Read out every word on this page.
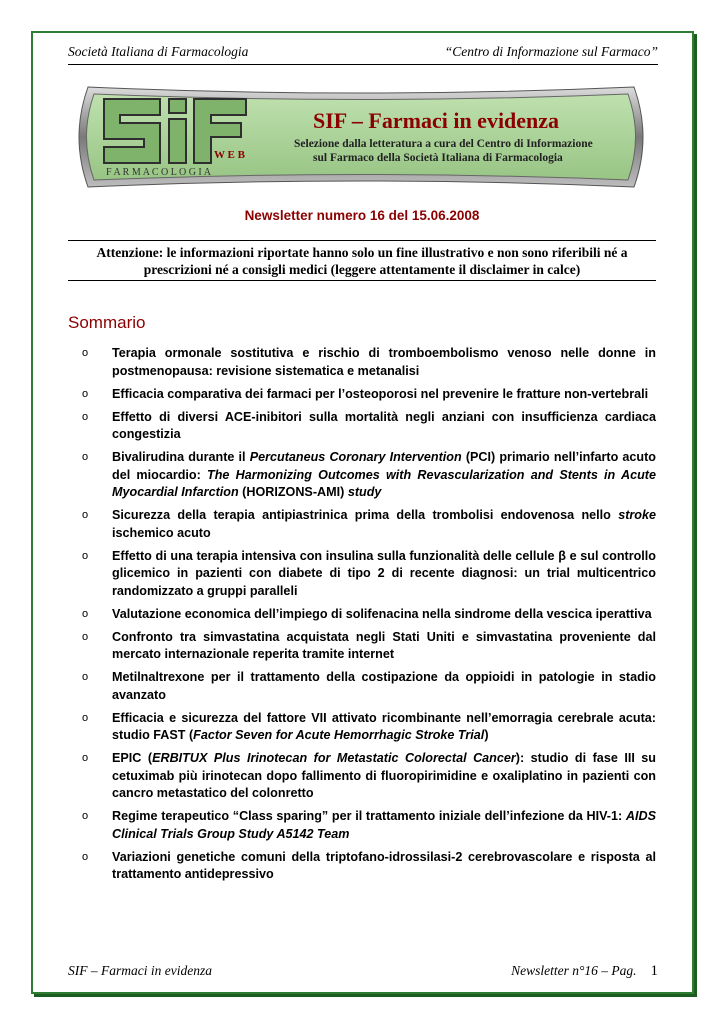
Società Italiana di Farmacologia	“Centro di Informazione sul Farmaco”
W E B
F A R M A C O L O G I A
SIF – Farmaci in evidenza
Selezione dalla letteratura a cura del Centro di Informazione
sul Farmaco della Società Italiana di Farmacologia
Newsletter numero 16 del 15.06.2008
Attenzione: le informazioni riportate hanno solo un fine illustrativo e non sono riferibili né a prescrizioni né a consigli medici (leggere attentamente il disclaimer in calce)
Sommario
o Terapia ormonale sostitutiva e rischio di tromboembolismo venoso nelle donne in postmenopausa: revisione sistematica e metanalisi
o Efficacia comparativa dei farmaci per l’osteoporosi nel prevenire le fratture non-vertebrali
o Effetto di diversi ACE-inibitori sulla mortalità negli anziani con insufficienza cardiaca congestizia
o Bivalirudina durante il Percutaneus Coronary Intervention (PCI) primario nell’infarto acuto del miocardio: The Harmonizing Outcomes with Revascularization and Stents in Acute Myocardial Infarction (HORIZONS-AMI) study
o Sicurezza della terapia antipiastrinica prima della trombolisi endovenosa nello stroke ischemico acuto
o Effetto di una terapia intensiva con insulina sulla funzionalità delle cellule β e sul controllo glicemico in pazienti con diabete di tipo 2 di recente diagnosi: un trial multicentrico randomizzato a gruppi paralleli
o Valutazione economica dell’impiego di solifenacina nella sindrome della vescica iperattiva
o Confronto tra simvastatina acquistata negli Stati Uniti e simvastatina proveniente dal mercato internazionale reperita tramite internet
o Metilnaltrexone per il trattamento della costipazione da oppioidi in patologie in stadio avanzato
o Efficacia e sicurezza del fattore VII attivato ricombinante nell’emorragia cerebrale acuta: studio FAST (Factor Seven for Acute Hemorrhagic Stroke Trial)
o EPIC (ERBITUX Plus Irinotecan for Metastatic Colorectal Cancer): studio di fase III su cetuximab più irinotecan dopo fallimento di fluoropirimidine e oxaliplatino in pazienti con cancro metastatico del colonretto
o Regime terapeutico “Class sparing” per il trattamento iniziale dell’infezione da HIV-1: AIDS Clinical Trials Group Study A5142 Team
o Variazioni genetiche comuni della triptofano-idrossilasi-2 cerebrovascolare e risposta al trattamento antidepressivo
SIF – Farmaci in evidenza	Newsletter n°16 – Pag. 1
